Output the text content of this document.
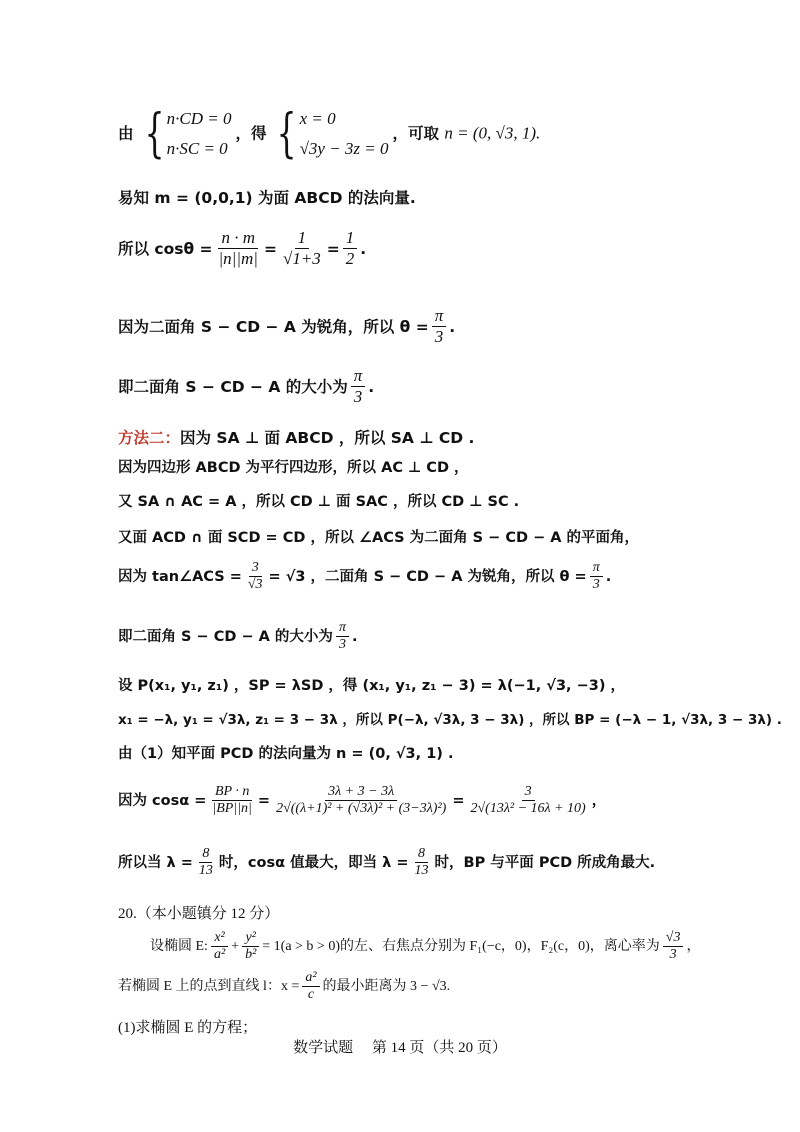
由 { n·CD = 0
n·SC = 0
，得 { x = 0
√3y − 3z = 0
，可取 n = (0, √3, 1).
易知 m = (0,0,1) 为面 ABCD 的法向量.
所以 $\cos\theta = \frac{n \cdot m}{|n||m|} = \frac{1}{√1+3} = \frac{1}{2}$ .
因为二面角 S − CD − A 为锐角，所以 $\theta = \frac{\pi}{3}$ .
即二面角 S − CD − A 的大小为 $\frac{\pi}{3}$ .
方法二：因为 SA ⊥ 面 ABCD ，所以 SA ⊥ CD .
因为四边形 ABCD 为平行四边形，所以 AC ⊥ CD ，
又 SA ∩ AC = A ，所以 CD ⊥ 面 SAC ，所以 CD ⊥ SC .
又面 ACD ∩ 面 SCD = CD ，所以 ∠ACS 为二面角 S − CD − A 的平面角，
因为 tan∠ACS = $\frac{3}{√3} = √3$ ，二面角 S − CD − A 为锐角，所以 $\theta = \frac{\pi}{3}$ .
即二面角 S − CD − A 的大小为 $\frac{\pi}{3}$ .
设 P(x₁, y₁, z₁) ，SP = λSD ，得 (x₁, y₁, z₁ − 3) = λ(−1, √3, −3) ，
x₁ = −λ, y₁ = √3λ, z₁ = 3 − 3λ ，所以 P(−λ, √3λ, 3 − 3λ) ，所以 BP = (−λ − 1, √3λ, 3 − 3λ) .
由（1）知平面 PCD 的法向量为 n = (0, √3, 1) .
因为 $\cos\alpha = \frac{BP \cdot n}{|BP||n|} = \frac{3\lambda + 3 - 3\lambda}{\text{2√((λ+1)² + (√3λ)² + (3−3λ)²)}} = \frac{3}{\text{2√(13λ² − 16λ + 10)}}$ ，
所以当 $\lambda = \frac{8}{13}$ 时，cosα 值最大，即当 $\lambda = \frac{8}{13}$ 时，BP 与平面 PCD 所成角最大.
20.（本小题镇分 12 分）
设椭圆 E: $\frac{\text{x²}}{\text{a²}} + \frac{\text{y²}}{\text{b²}} = 1(a > b > 0)$的左、右焦点分别为 F₁(−c，0)，F₂(c，0)，离心率为 $\frac{√3}{3}$ ，
若椭圆 E 上的点到直线 l：$x = \frac{\text{a²}}{c}$ 的最小距离为 3 − √3.
(1)求椭圆 E 的方程；
数学试题　 第 14 页（共 20 页）
